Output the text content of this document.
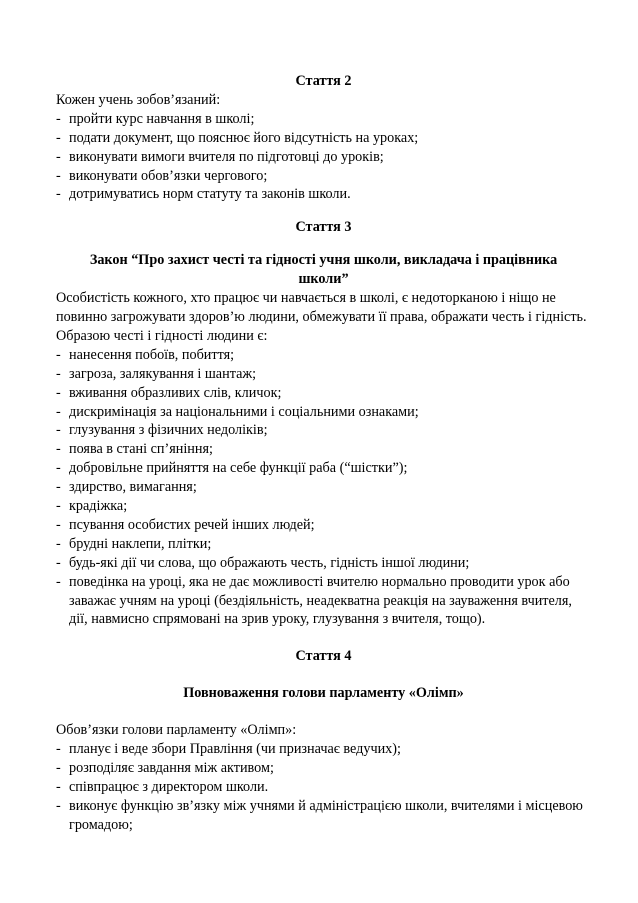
Стаття 2

Кожен учень зобов’язаний:

- пройти курс навчання в школі;
- подати документ, що пояснює його відсутність на уроках;
- виконувати вимоги вчителя по підготовці до уроків;
- виконувати обов’язки чергового;
- дотримуватись норм статуту та законів школи.

Стаття 3

Закон “Про захист честі та гідності учня школи, викладача і працівника школи”

Особистість кожного, хто працює чи навчається в школі, є недоторканою і ніщо не повинно загрожувати здоров’ю людини, обмежувати її права, ображати честь і гідність.

Образою честі і гідності людини є:

- нанесення побоїв, побиття;
- загроза, залякування і шантаж;
- вживання образливих слів, кличок;
- дискримінація за національними і соціальними ознаками;
- глузування з фізичних недоліків;
- поява в стані сп’яніння;
- добровільне прийняття на себе функції раба (“шістки”);
- здирство, вимагання;
- крадіжка;
- псування особистих речей інших людей;
- брудні наклепи, плітки;
- будь-які дії чи слова, що ображають честь, гідність іншої людини;
- поведінка на уроці, яка не дає можливості вчителю нормально проводити урок або заважає учням на уроці (бездіяльність, неадекватна реакція на зауваження вчителя, дії, навмисно спрямовані на зрив уроку, глузування з вчителя, тощо).

Стаття 4

Повноваження голови парламенту «Олімп»

Обов’язки голови парламенту «Олімп»:

- планує і веде збори Правління (чи призначає ведучих);
- розподіляє завдання між активом;
- співпрацює з директором школи.
- виконує функцію зв’язку між учнями й адміністрацією школи, вчителями і місцевою громадою;
